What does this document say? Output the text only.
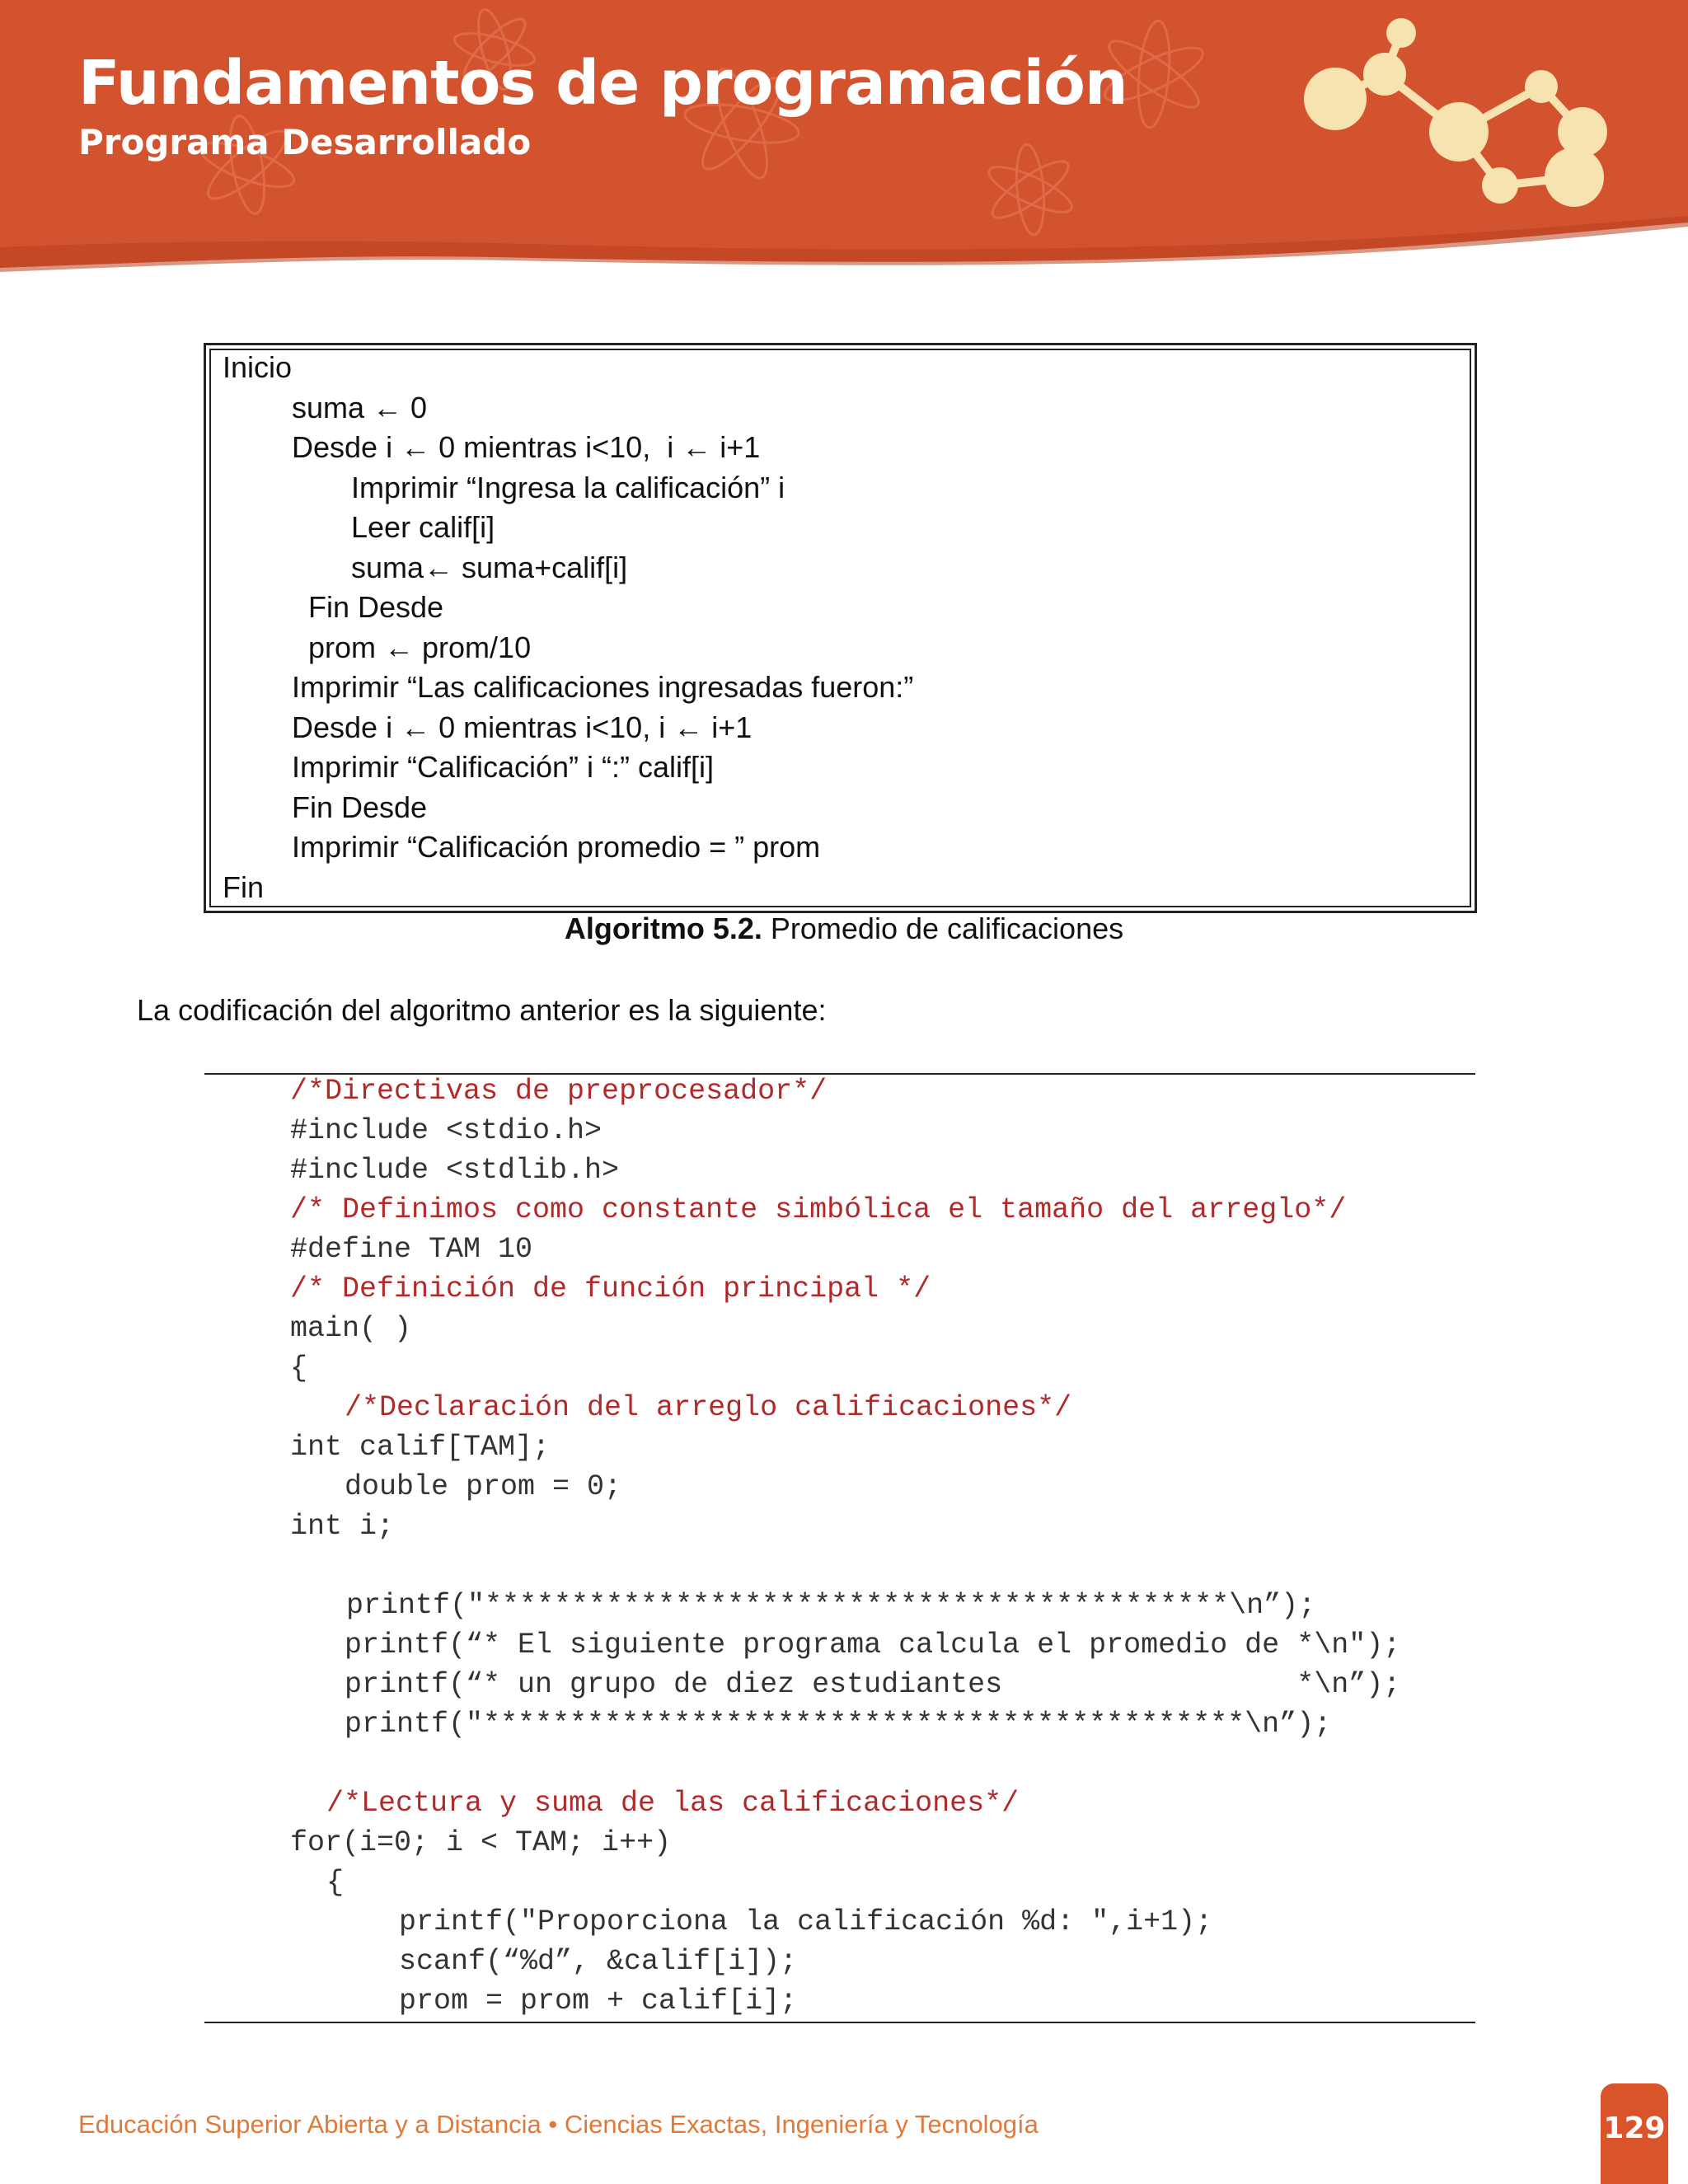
Fundamentos de programación
Programa Desarrollado
Inicio
suma ← 0
Desde i ← 0 mientras i<10,  i ← i+1
Imprimir “Ingresa la calificación” i
Leer calif[i]
suma← suma+calif[i]
Fin Desde
prom ← prom/10
Imprimir “Las calificaciones ingresadas fueron:”
Desde i ← 0 mientras i<10, i ← i+1
Imprimir “Calificación” i “:” calif[i]
Fin Desde
Imprimir “Calificación promedio = ” prom
Fin
Algoritmo 5.2. Promedio de calificaciones
La codificación del algoritmo anterior es la siguiente:
/*Directivas de preprocesador*/
#include <stdio.h>
#include <stdlib.h>
/* Definimos como constante simbólica el tamaño del arreglo*/
#define TAM 10
/* Definición de función principal */
main( )
{
/*Declaración del arreglo calificaciones*/
int calif[TAM];
double prom = 0;
int i;
printf("*******************************************\n”);
printf(“* El siguiente programa calcula el promedio de *\n");
printf(“* un grupo de diez estudiantes                 *\n”);
printf("********************************************\n”);
/*Lectura y suma de las calificaciones*/
for(i=0; i < TAM; i++)
{
printf("Proporciona la calificación %d: ",i+1);
scanf(“%d”, &calif[i]);
prom = prom + calif[i];
Educación Superior Abierta y a Distancia • Ciencias Exactas, Ingeniería y Tecnología	129
